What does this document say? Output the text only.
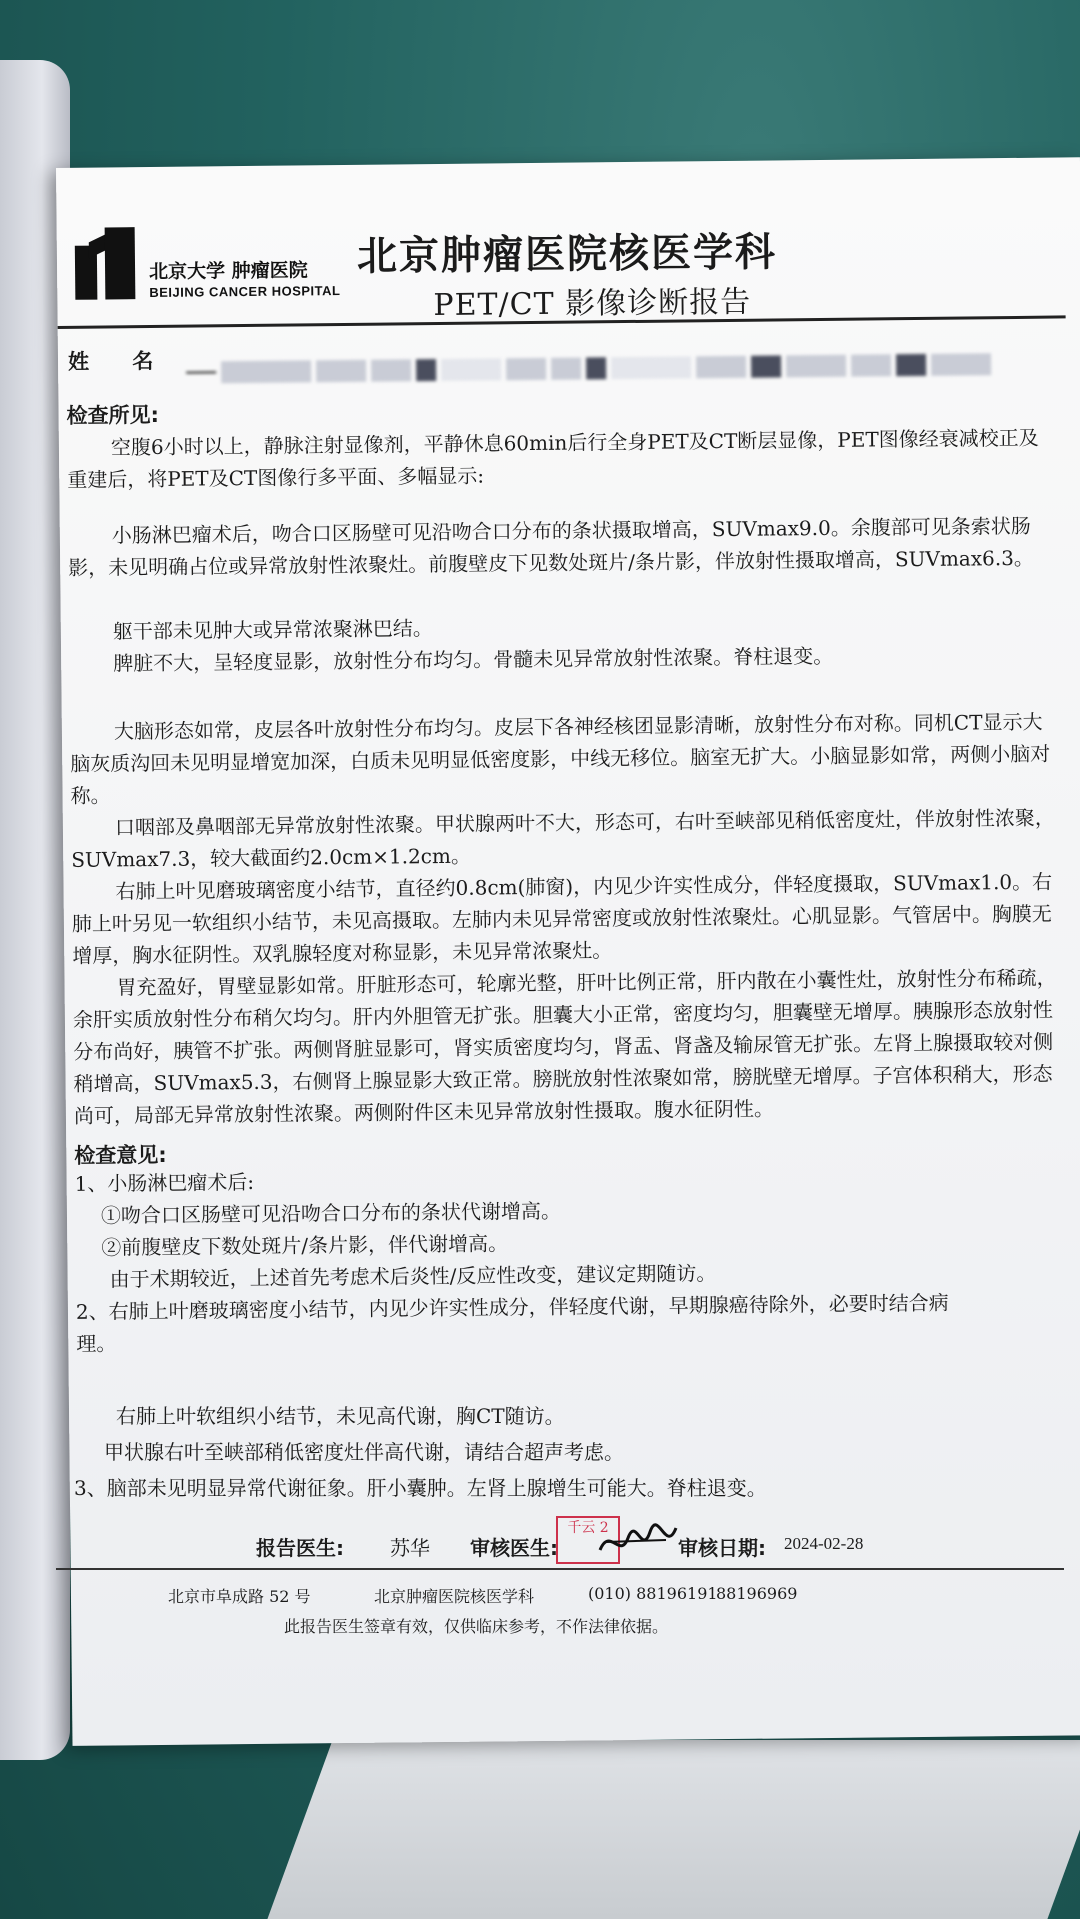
北京大学 肿瘤医院
BEIJING CANCER HOSPITAL
北京肿瘤医院核医学科
PET/CT 影像诊断报告
姓 名
检查所见:

空腹6小时以上，静脉注射显像剂，平静休息60min后行全身PET及CT断层显像，PET图像经衰减校正及重建后，将PET及CT图像行多平面、多幅显示:

小肠淋巴瘤术后，吻合口区肠壁可见沿吻合口分布的条状摄取增高，SUVmax9.0。余腹部可见条索状肠影，未见明确占位或异常放射性浓聚灶。前腹壁皮下见数处斑片/条片影，伴放射性摄取增高，SUVmax6.3。

躯干部未见肿大或异常浓聚淋巴结。

脾脏不大，呈轻度显影，放射性分布均匀。骨髓未见异常放射性浓聚。脊柱退变。

大脑形态如常，皮层各叶放射性分布均匀。皮层下各神经核团显影清晰，放射性分布对称。同机CT显示大脑灰质沟回未见明显增宽加深，白质未见明显低密度影，中线无移位。脑室无扩大。小脑显影如常，两侧小脑对称。

口咽部及鼻咽部无异常放射性浓聚。甲状腺两叶不大，形态可，右叶至峡部见稍低密度灶，伴放射性浓聚，SUVmax7.3，较大截面约2.0cm×1.2cm。

右肺上叶见磨玻璃密度小结节，直径约0.8cm(肺窗)，内见少许实性成分，伴轻度摄取，SUVmax1.0。右肺上叶另见一软组织小结节，未见高摄取。左肺内未见异常密度或放射性浓聚灶。心肌显影。气管居中。胸膜无增厚，胸水征阴性。双乳腺轻度对称显影，未见异常浓聚灶。

胃充盈好，胃壁显影如常。肝脏形态可，轮廓光整，肝叶比例正常，肝内散在小囊性灶，放射性分布稀疏，余肝实质放射性分布稍欠均匀。肝内外胆管无扩张。胆囊大小正常，密度均匀，胆囊壁无增厚。胰腺形态放射性分布尚好，胰管不扩张。两侧肾脏显影可，肾实质密度均匀，肾盂、肾盏及输尿管无扩张。左肾上腺摄取较对侧稍增高，SUVmax5.3，右侧肾上腺显影大致正常。膀胱放射性浓聚如常，膀胱壁无增厚。子宫体积稍大，形态尚可，局部无异常放射性浓聚。两侧附件区未见异常放射性摄取。腹水征阴性。

检查意见:
1、小肠淋巴瘤术后:
①吻合口区肠壁可见沿吻合口分布的条状代谢增高。
②前腹壁皮下数处斑片/条片影，伴代谢增高。
由于术期较近，上述首先考虑术后炎性/反应性改变，建议定期随访。
2、右肺上叶磨玻璃密度小结节，内见少许实性成分，伴轻度代谢，早期腺癌待除外，必要时结合病
理。
右肺上叶软组织小结节，未见高代谢，胸CT随访。
甲状腺右叶至峡部稍低密度灶伴高代谢，请结合超声考虑。
3、脑部未见明显异常代谢征象。肝小囊肿。左肾上腺增生可能大。脊柱退变。
报告医生: 苏华 审核医生:
千云 2
审核日期: 2024-02-28
北京市阜成路 52 号	北京肿瘤医院核医学科	(010) 88196191
88196969
此报告医生签章有效，仅供临床参考，不作法律依据。
